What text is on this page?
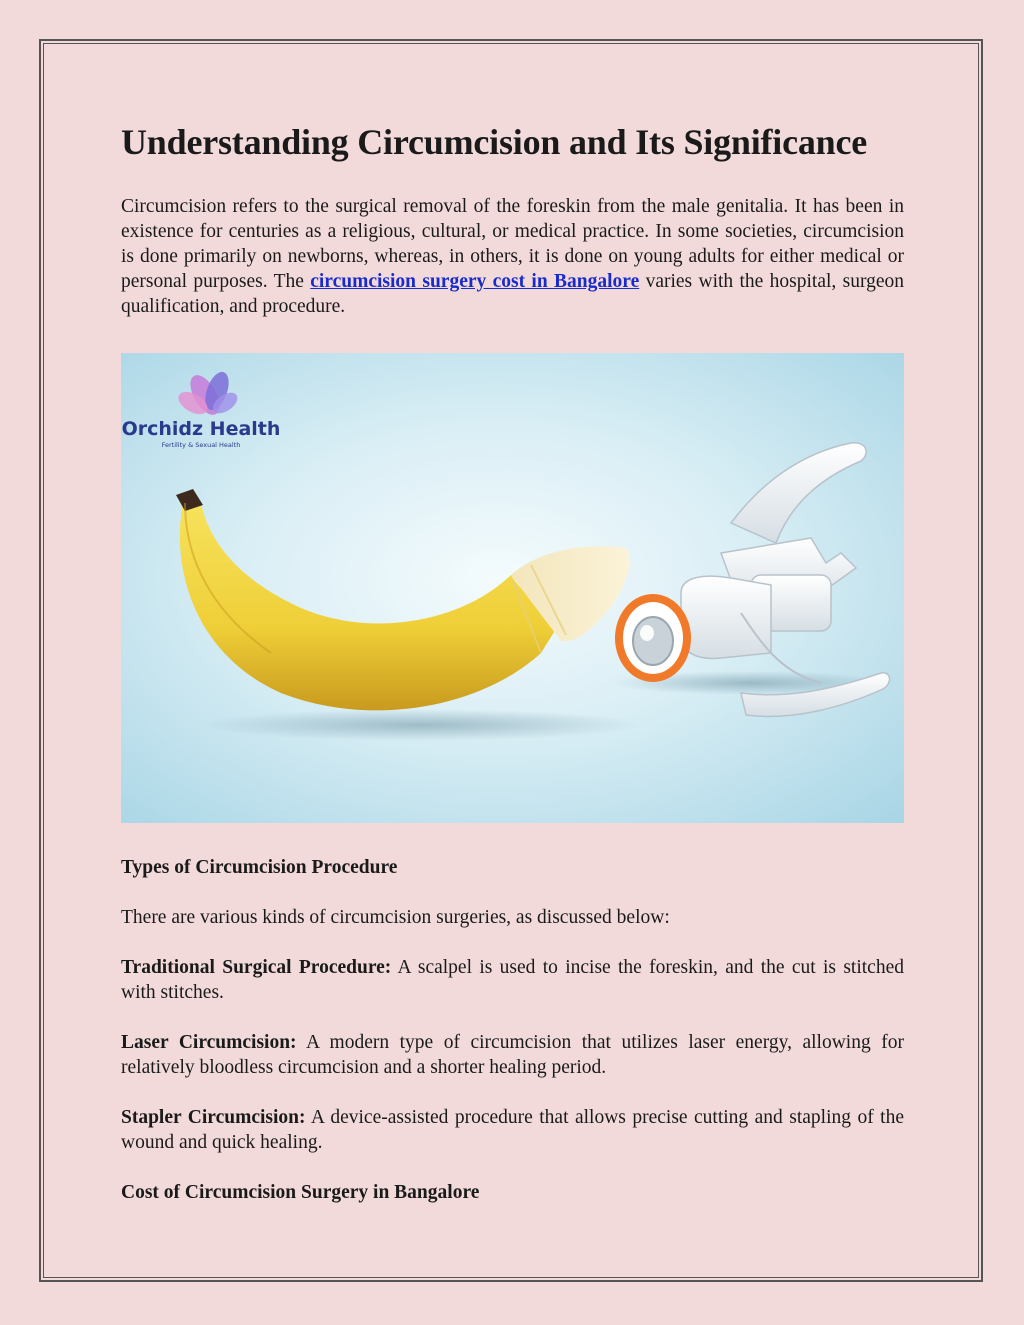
Understanding Circumcision and Its Significance

Circumcision refers to the surgical removal of the foreskin from the male genitalia. It has been in existence for centuries as a religious, cultural, or medical practice. In some societies, circumcision is done primarily on newborns, whereas, in others, it is done on young adults for either medical or personal purposes. The circumcision surgery cost in Bangalore varies with the hospital, surgeon qualification, and procedure.

Orchidz Health
Fertility & Sexual Health
Types of Circumcision Procedure

There are various kinds of circumcision surgeries, as discussed below:

Traditional Surgical Procedure: A scalpel is used to incise the foreskin, and the cut is stitched with stitches.

Laser Circumcision: A modern type of circumcision that utilizes laser energy, allowing for relatively bloodless circumcision and a shorter healing period.

Stapler Circumcision: A device-assisted procedure that allows precise cutting and stapling of the wound and quick healing.

Cost of Circumcision Surgery in Bangalore
